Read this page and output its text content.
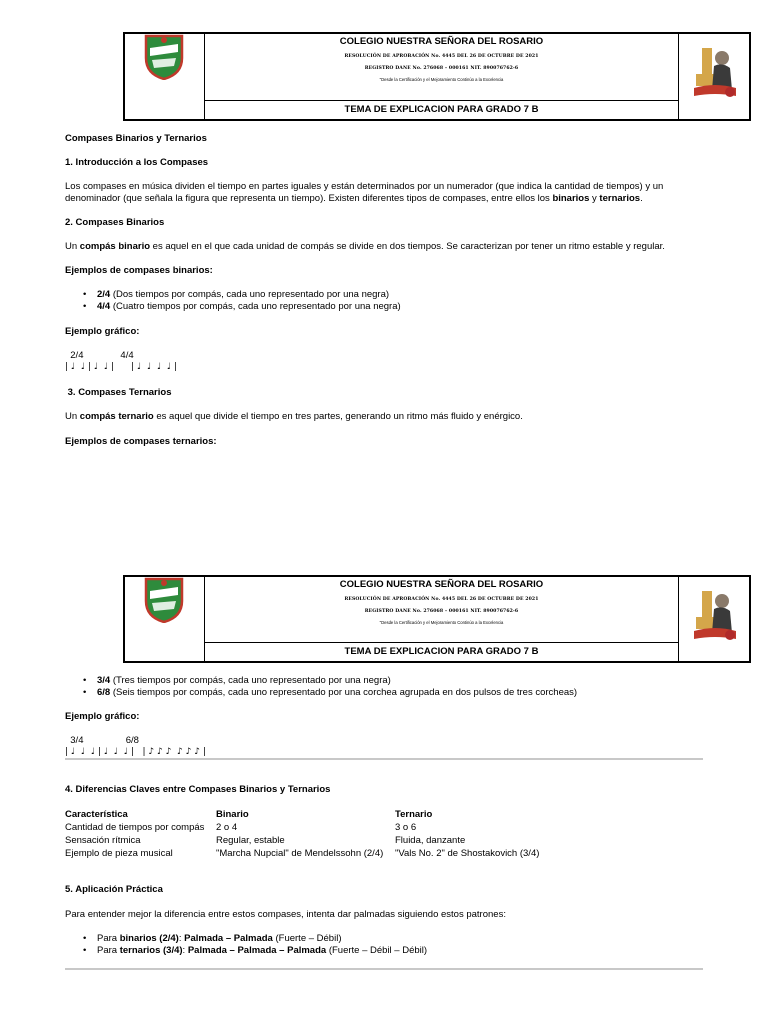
COLEGIO NUESTRA SEÑORA DEL ROSARIO
RESOLUCIÓN DE APROBACIÓN No. 4445 DEL 26 DE OCTUBRE DE 2021
REGISTRO DANE No. 276068 – 000161 NIT. 890076762-6
"Desde la Certificación y el Mejoramiento Continúo a la Excelencia
TEMA DE EXPLICACION PARA GRADO 7 B
Compases Binarios y Ternarios
1. Introducción a los Compases
Los compases en música dividen el tiempo en partes iguales y están determinados por un numerador (que indica la cantidad de tiempos) y un
denominador (que señala la figura que representa un tiempo). Existen diferentes tipos de compases, entre ellos los binarios y ternarios.
2. Compases Binarios
Un compás binario es aquel en el que cada unidad de compás se divide en dos tiempos. Se caracterizan por tener un ritmo estable y regular.
Ejemplos de compases binarios:
• 2/4 (Dos tiempos por compás, cada uno representado por una negra)
• 4/4 (Cuatro tiempos por compás, cada uno representado por una negra)
Ejemplo gráfico:
2/4              4/4
| ♩  ♩ | ♩  ♩ |      | ♩  ♩  ♩  ♩ |
3. Compases Ternarios
Un compás ternario es aquel que divide el tiempo en tres partes, generando un ritmo más fluido y enérgico.
Ejemplos de compases ternarios:
COLEGIO NUESTRA SEÑORA DEL ROSARIO
RESOLUCIÓN DE APROBACIÓN No. 4445 DEL 26 DE OCTUBRE DE 2021
REGISTRO DANE No. 276068 – 000161 NIT. 890076762-6
"Desde la Certificación y el Mejoramiento Continúo a la Excelencia
TEMA DE EXPLICACION PARA GRADO 7 B
• 3/4 (Tres tiempos por compás, cada uno representado por una negra)
• 6/8 (Seis tiempos por compás, cada uno representado por una corchea agrupada en dos pulsos de tres corcheas)
Ejemplo gráfico:
3/4                6/8
| ♩  ♩  ♩ | ♩  ♩  ♩ |   | ♪ ♪ ♪  ♪ ♪ ♪ |
4. Diferencias Claves entre Compases Binarios y Ternarios
Característica	Binario	Ternario
Cantidad de tiempos por compás	2 o 4	3 o 6
Sensación rítmica	Regular, estable	Fluida, danzante
Ejemplo de pieza musical	"Marcha Nupcial" de Mendelssohn (2/4)	"Vals No. 2" de Shostakovich (3/4)
5. Aplicación Práctica
Para entender mejor la diferencia entre estos compases, intenta dar palmadas siguiendo estos patrones:
• Para binarios (2/4): Palmada – Palmada (Fuerte – Débil)
• Para ternarios (3/4): Palmada – Palmada – Palmada (Fuerte – Débil – Débil)
